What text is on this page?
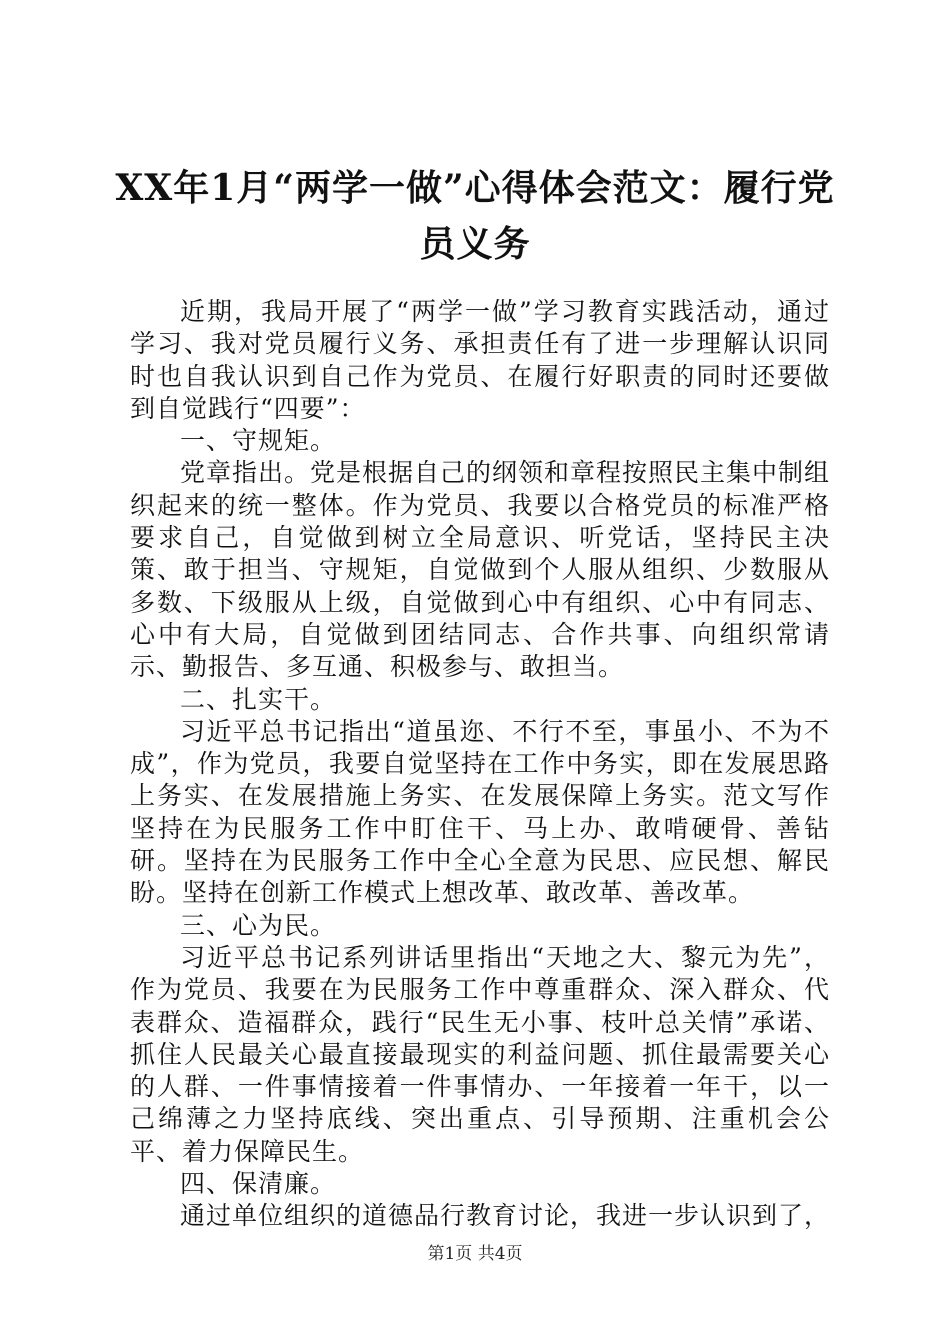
XX年1月“两学一做”心得体会范文：履行党员义务

近期，我局开展了“两学一做”学习教育实践活动，通过学习、我对党员履行义务、承担责任有了进一步理解认识同时也自我认识到自己作为党员、在履行好职责的同时还要做到自觉践行“四要”：

一、守规矩。

党章指出。党是根据自己的纲领和章程按照民主集中制组织起来的统一整体。作为党员、我要以合格党员的标准严格要求自己，自觉做到树立全局意识、听党话，坚持民主决策、敢于担当、守规矩，自觉做到个人服从组织、少数服从多数、下级服从上级，自觉做到心中有组织、心中有同志、心中有大局，自觉做到团结同志、合作共事、向组织常请示、勤报告、多互通、积极参与、敢担当。

二、扎实干。

习近平总书记指出“道虽迩、不行不至，事虽小、不为不成”，作为党员，我要自觉坚持在工作中务实，即在发展思路上务实、在发展措施上务实、在发展保障上务实。范文写作坚持在为民服务工作中盯住干、马上办、敢啃硬骨、善钻研。坚持在为民服务工作中全心全意为民思、应民想、解民盼。坚持在创新工作模式上想改革、敢改革、善改革。

三、心为民。

习近平总书记系列讲话里指出“天地之大、黎元为先”，作为党员、我要在为民服务工作中尊重群众、深入群众、代表群众、造福群众，践行“民生无小事、枝叶总关情”承诺、抓住人民最关心最直接最现实的利益问题、抓住最需要关心的人群、一件事情接着一件事情办、一年接着一年干，以一己绵薄之力坚持底线、突出重点、引导预期、注重机会公平、着力保障民生。

四、保清廉。

通过单位组织的道德品行教育讨论，我进一步认识到了，

第1页 共4页
